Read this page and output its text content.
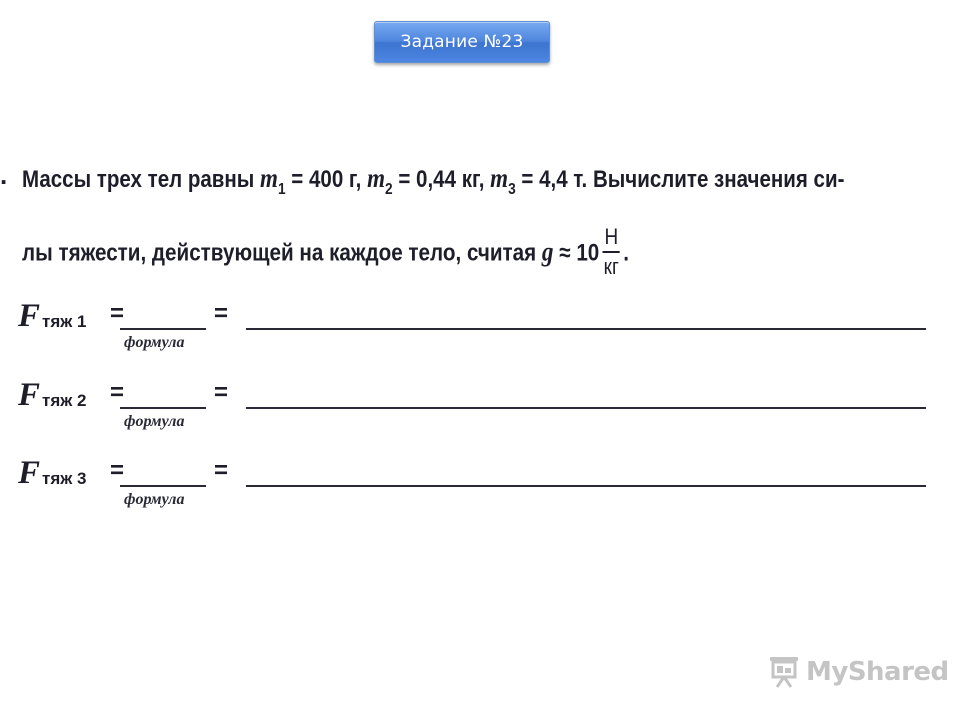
Задание №23
. Массы трех тел равны $m_1 = 400$ г, $m_2 = 0,44$ кг, $m_3 = 4,4$ т. Вычислите значения си-
лы тяжести, действующей на каждое тело, считая $g \approx 10 \frac{Н}{кг}$ .
F тяж 1 =
формула
=
F тяж 2 =
формула
=
F тяж 3 =
формула
=
MyShared
